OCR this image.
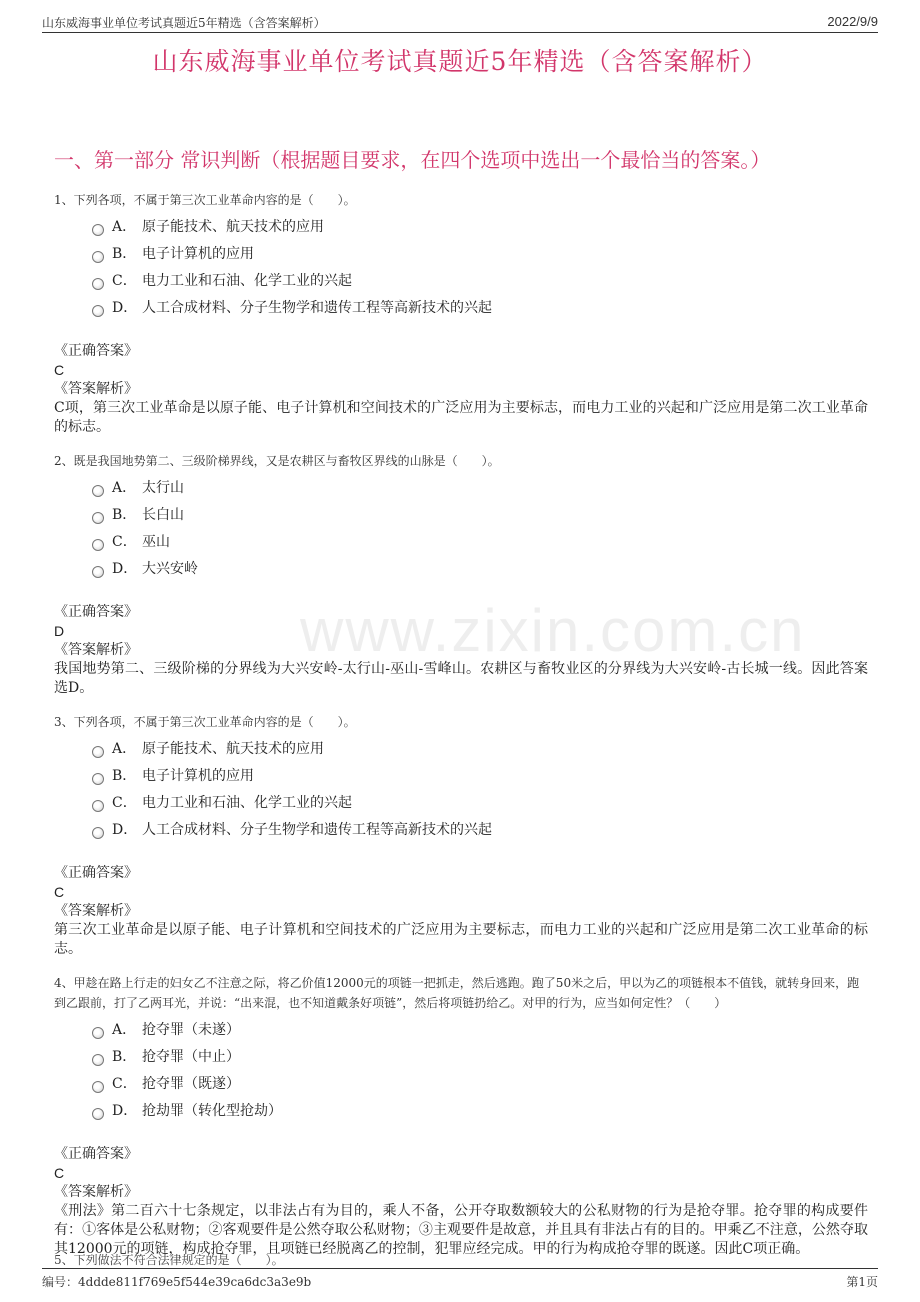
山东威海事业单位考试真题近5年精选（含答案解析）	2022/9/9
山东威海事业单位考试真题近5年精选（含答案解析）
一、第一部分 常识判断（根据题目要求，在四个选项中选出一个最恰当的答案。）
www.zixin.com.cn
1、下列各项，不属于第三次工业革命内容的是（　　）。
A． 原子能技术、航天技术的应用
B． 电子计算机的应用
C． 电力工业和石油、化学工业的兴起
D． 人工合成材料、分子生物学和遗传工程等高新技术的兴起
《正确答案》
C
《答案解析》
C项，第三次工业革命是以原子能、电子计算机和空间技术的广泛应用为主要标志，而电力工业的兴起和广泛应用是第二次工业革命的标志。
2、既是我国地势第二、三级阶梯界线，又是农耕区与畜牧区界线的山脉是（　　）。
A． 太行山
B． 长白山
C． 巫山
D． 大兴安岭
《正确答案》
D
《答案解析》
我国地势第二、三级阶梯的分界线为大兴安岭-太行山-巫山-雪峰山。农耕区与畜牧业区的分界线为大兴安岭-古长城一线。因此答案选D。
3、下列各项，不属于第三次工业革命内容的是（　　）。
A． 原子能技术、航天技术的应用
B． 电子计算机的应用
C． 电力工业和石油、化学工业的兴起
D． 人工合成材料、分子生物学和遗传工程等高新技术的兴起
《正确答案》
C
《答案解析》
第三次工业革命是以原子能、电子计算机和空间技术的广泛应用为主要标志，而电力工业的兴起和广泛应用是第二次工业革命的标志。
4、甲趁在路上行走的妇女乙不注意之际，将乙价值12000元的项链一把抓走，然后逃跑。跑了50米之后，甲以为乙的项链根本不值钱，就转身回来，跑到乙跟前，打了乙两耳光，并说：“出来混，也不知道戴条好项链”，然后将项链扔给乙。对甲的行为，应当如何定性？（　　）
A． 抢夺罪（未遂）
B． 抢夺罪（中止）
C． 抢夺罪（既遂）
D． 抢劫罪（转化型抢劫）
《正确答案》
C
《答案解析》
《刑法》第二百六十七条规定，以非法占有为目的，乘人不备，公开夺取数额较大的公私财物的行为是抢夺罪。抢夺罪的构成要件有：①客体是公私财物；②客观要件是公然夺取公私财物；③主观要件是故意，并且具有非法占有的目的。甲乘乙不注意，公然夺取其12000元的项链，构成抢夺罪，且项链已经脱离乙的控制，犯罪应经完成。甲的行为构成抢夺罪的既遂。因此C项正确。
5、下列做法不符合法律规定的是（　　）。
编号：4ddde811f769e5f544e39ca6dc3a3e9b	第1页
